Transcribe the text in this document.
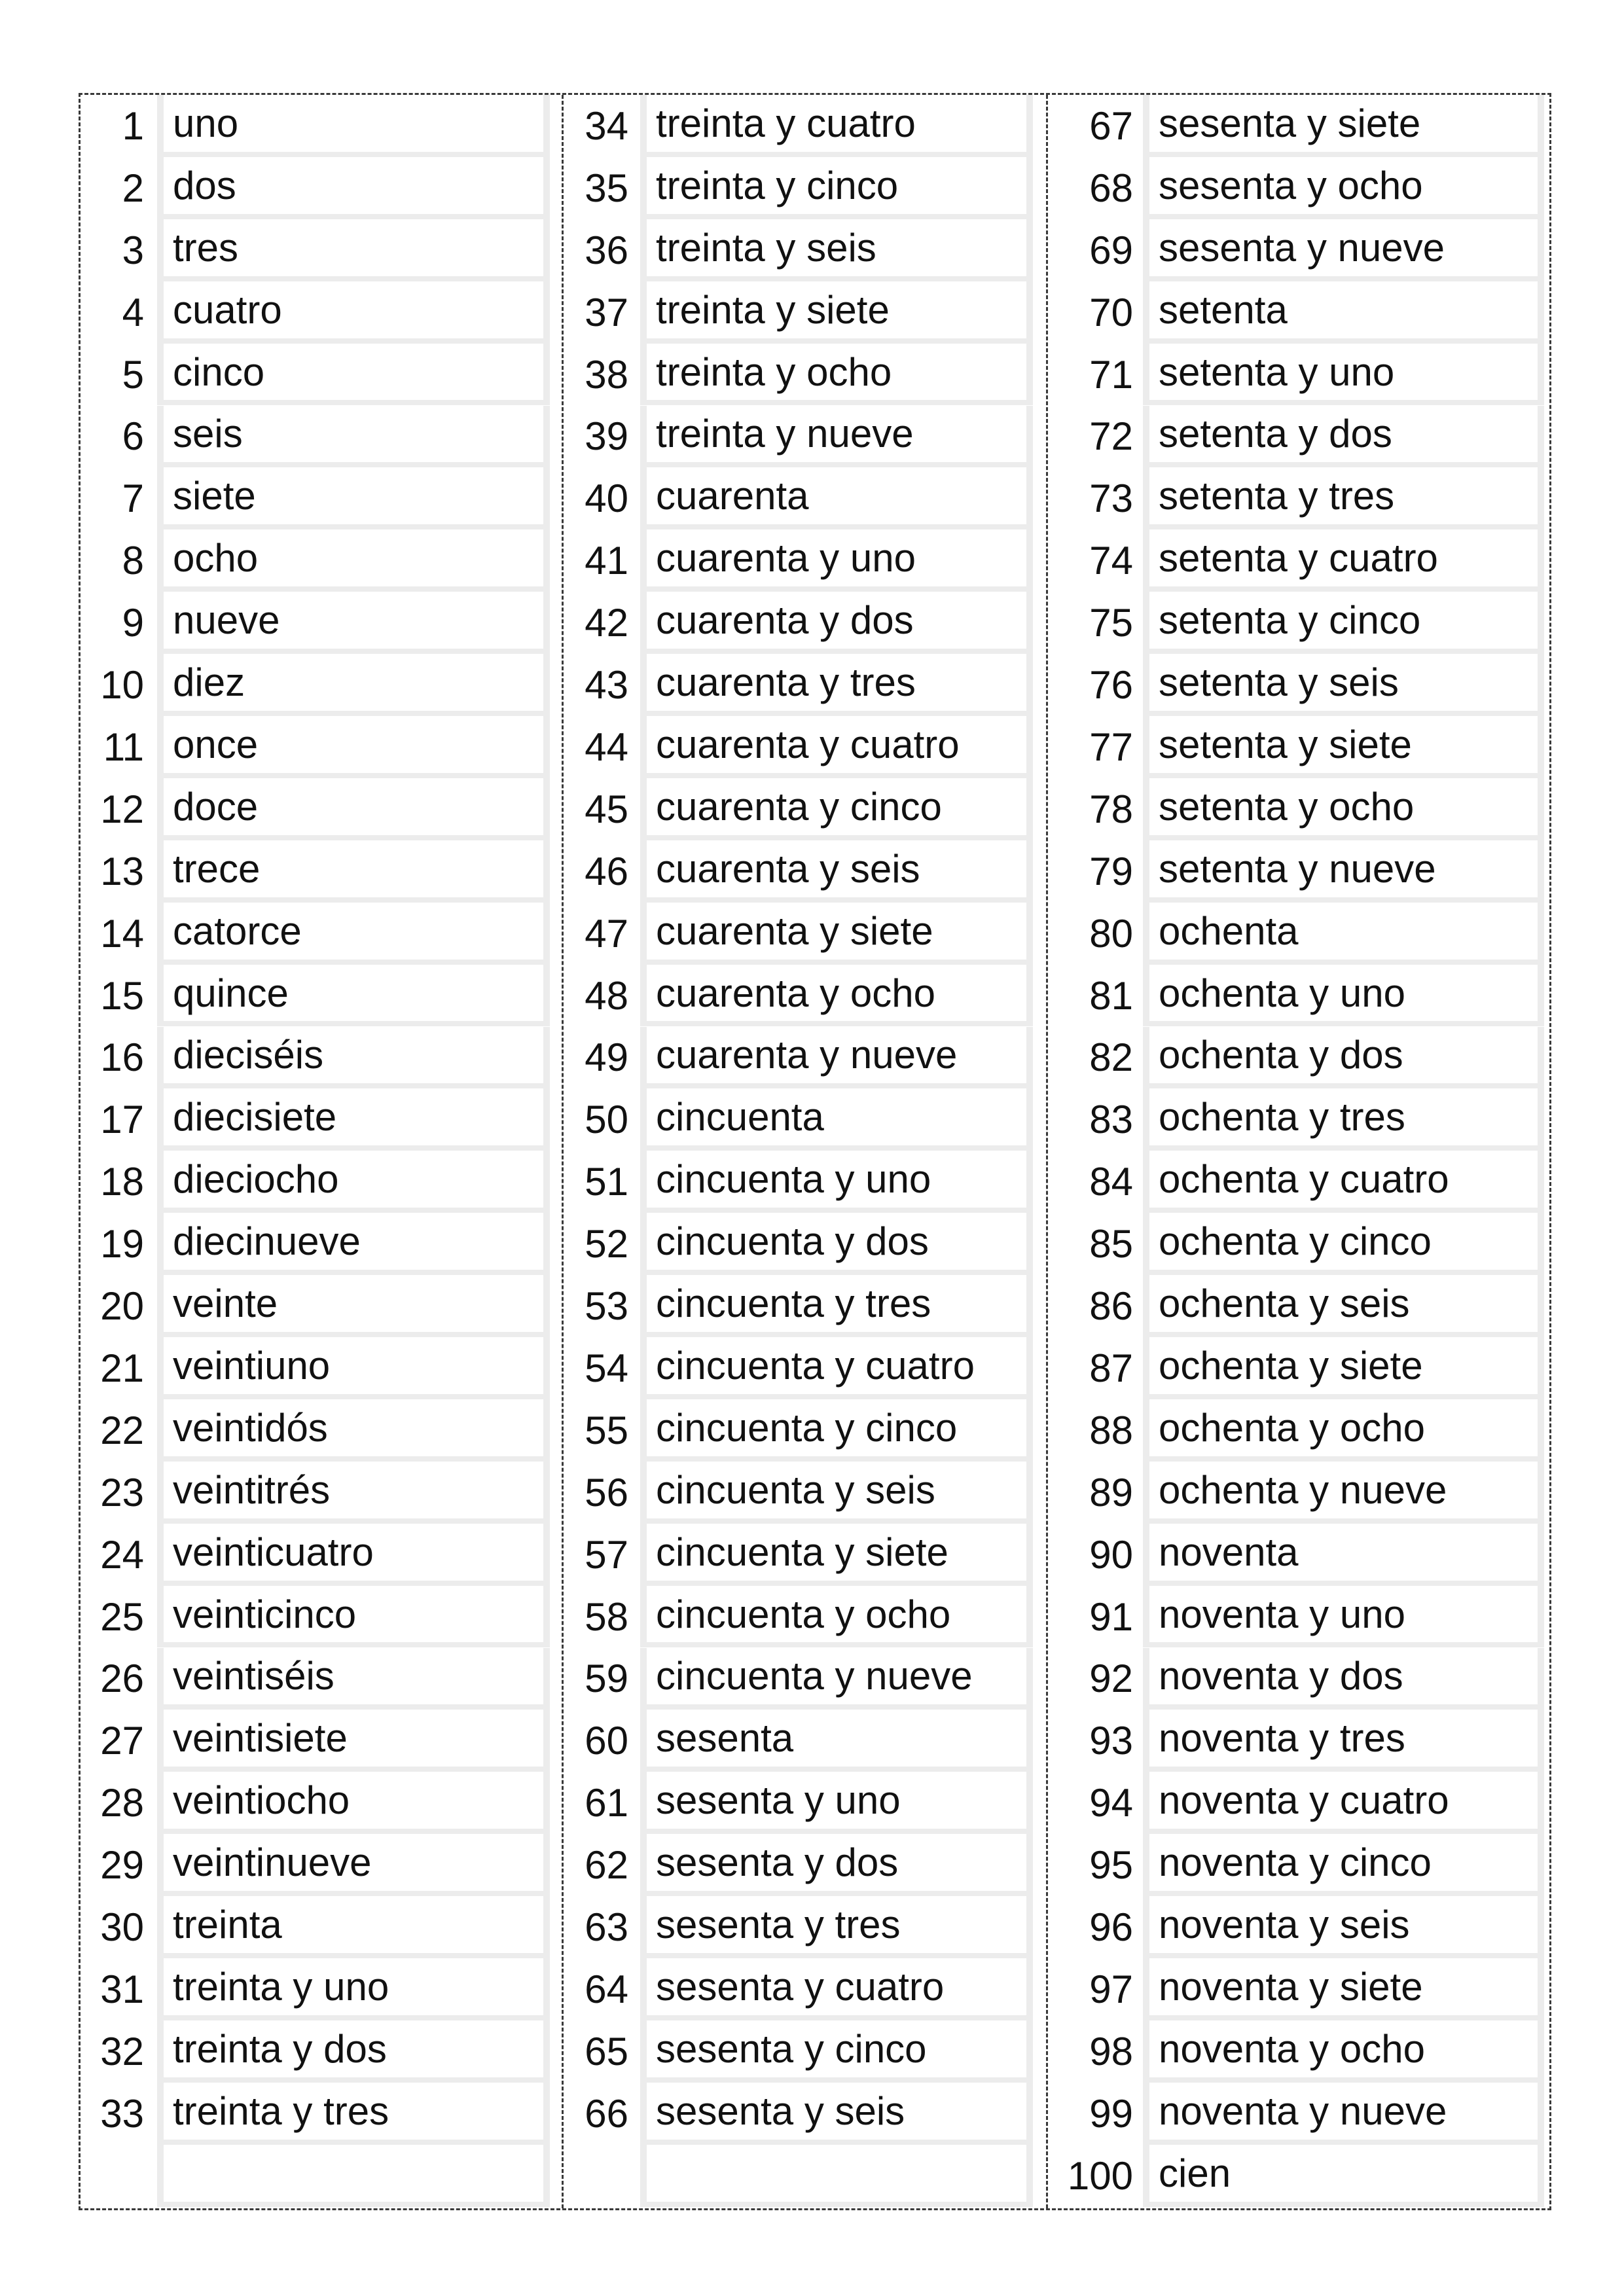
1 uno
2 dos
3 tres
4 cuatro
5 cinco
6 seis
7 siete
8 ocho
9 nueve
10 diez
11 once
12 doce
13 trece
14 catorce
15 quince
16 dieciséis
17 diecisiete
18 dieciocho
19 diecinueve
20 veinte
21 veintiuno
22 veintidós
23 veintitrés
24 veinticuatro
25 veinticinco
26 veintiséis
27 veintisiete
28 veintiocho
29 veintinueve
30 treinta
31 treinta y uno
32 treinta y dos
33 treinta y tres
34 treinta y cuatro
35 treinta y cinco
36 treinta y seis
37 treinta y siete
38 treinta y ocho
39 treinta y nueve
40 cuarenta
41 cuarenta y uno
42 cuarenta y dos
43 cuarenta y tres
44 cuarenta y cuatro
45 cuarenta y cinco
46 cuarenta y seis
47 cuarenta y siete
48 cuarenta y ocho
49 cuarenta y nueve
50 cincuenta
51 cincuenta y uno
52 cincuenta y dos
53 cincuenta y tres
54 cincuenta y cuatro
55 cincuenta y cinco
56 cincuenta y seis
57 cincuenta y siete
58 cincuenta y ocho
59 cincuenta y nueve
60 sesenta
61 sesenta y uno
62 sesenta y dos
63 sesenta y tres
64 sesenta y cuatro
65 sesenta y cinco
66 sesenta y seis
67 sesenta y siete
68 sesenta y ocho
69 sesenta y nueve
70 setenta
71 setenta y uno
72 setenta y dos
73 setenta y tres
74 setenta y cuatro
75 setenta y cinco
76 setenta y seis
77 setenta y siete
78 setenta y ocho
79 setenta y nueve
80 ochenta
81 ochenta y uno
82 ochenta y dos
83 ochenta y tres
84 ochenta y cuatro
85 ochenta y cinco
86 ochenta y seis
87 ochenta y siete
88 ochenta y ocho
89 ochenta y nueve
90 noventa
91 noventa y uno
92 noventa y dos
93 noventa y tres
94 noventa y cuatro
95 noventa y cinco
96 noventa y seis
97 noventa y siete
98 noventa y ocho
99 noventa y nueve
100 cien
